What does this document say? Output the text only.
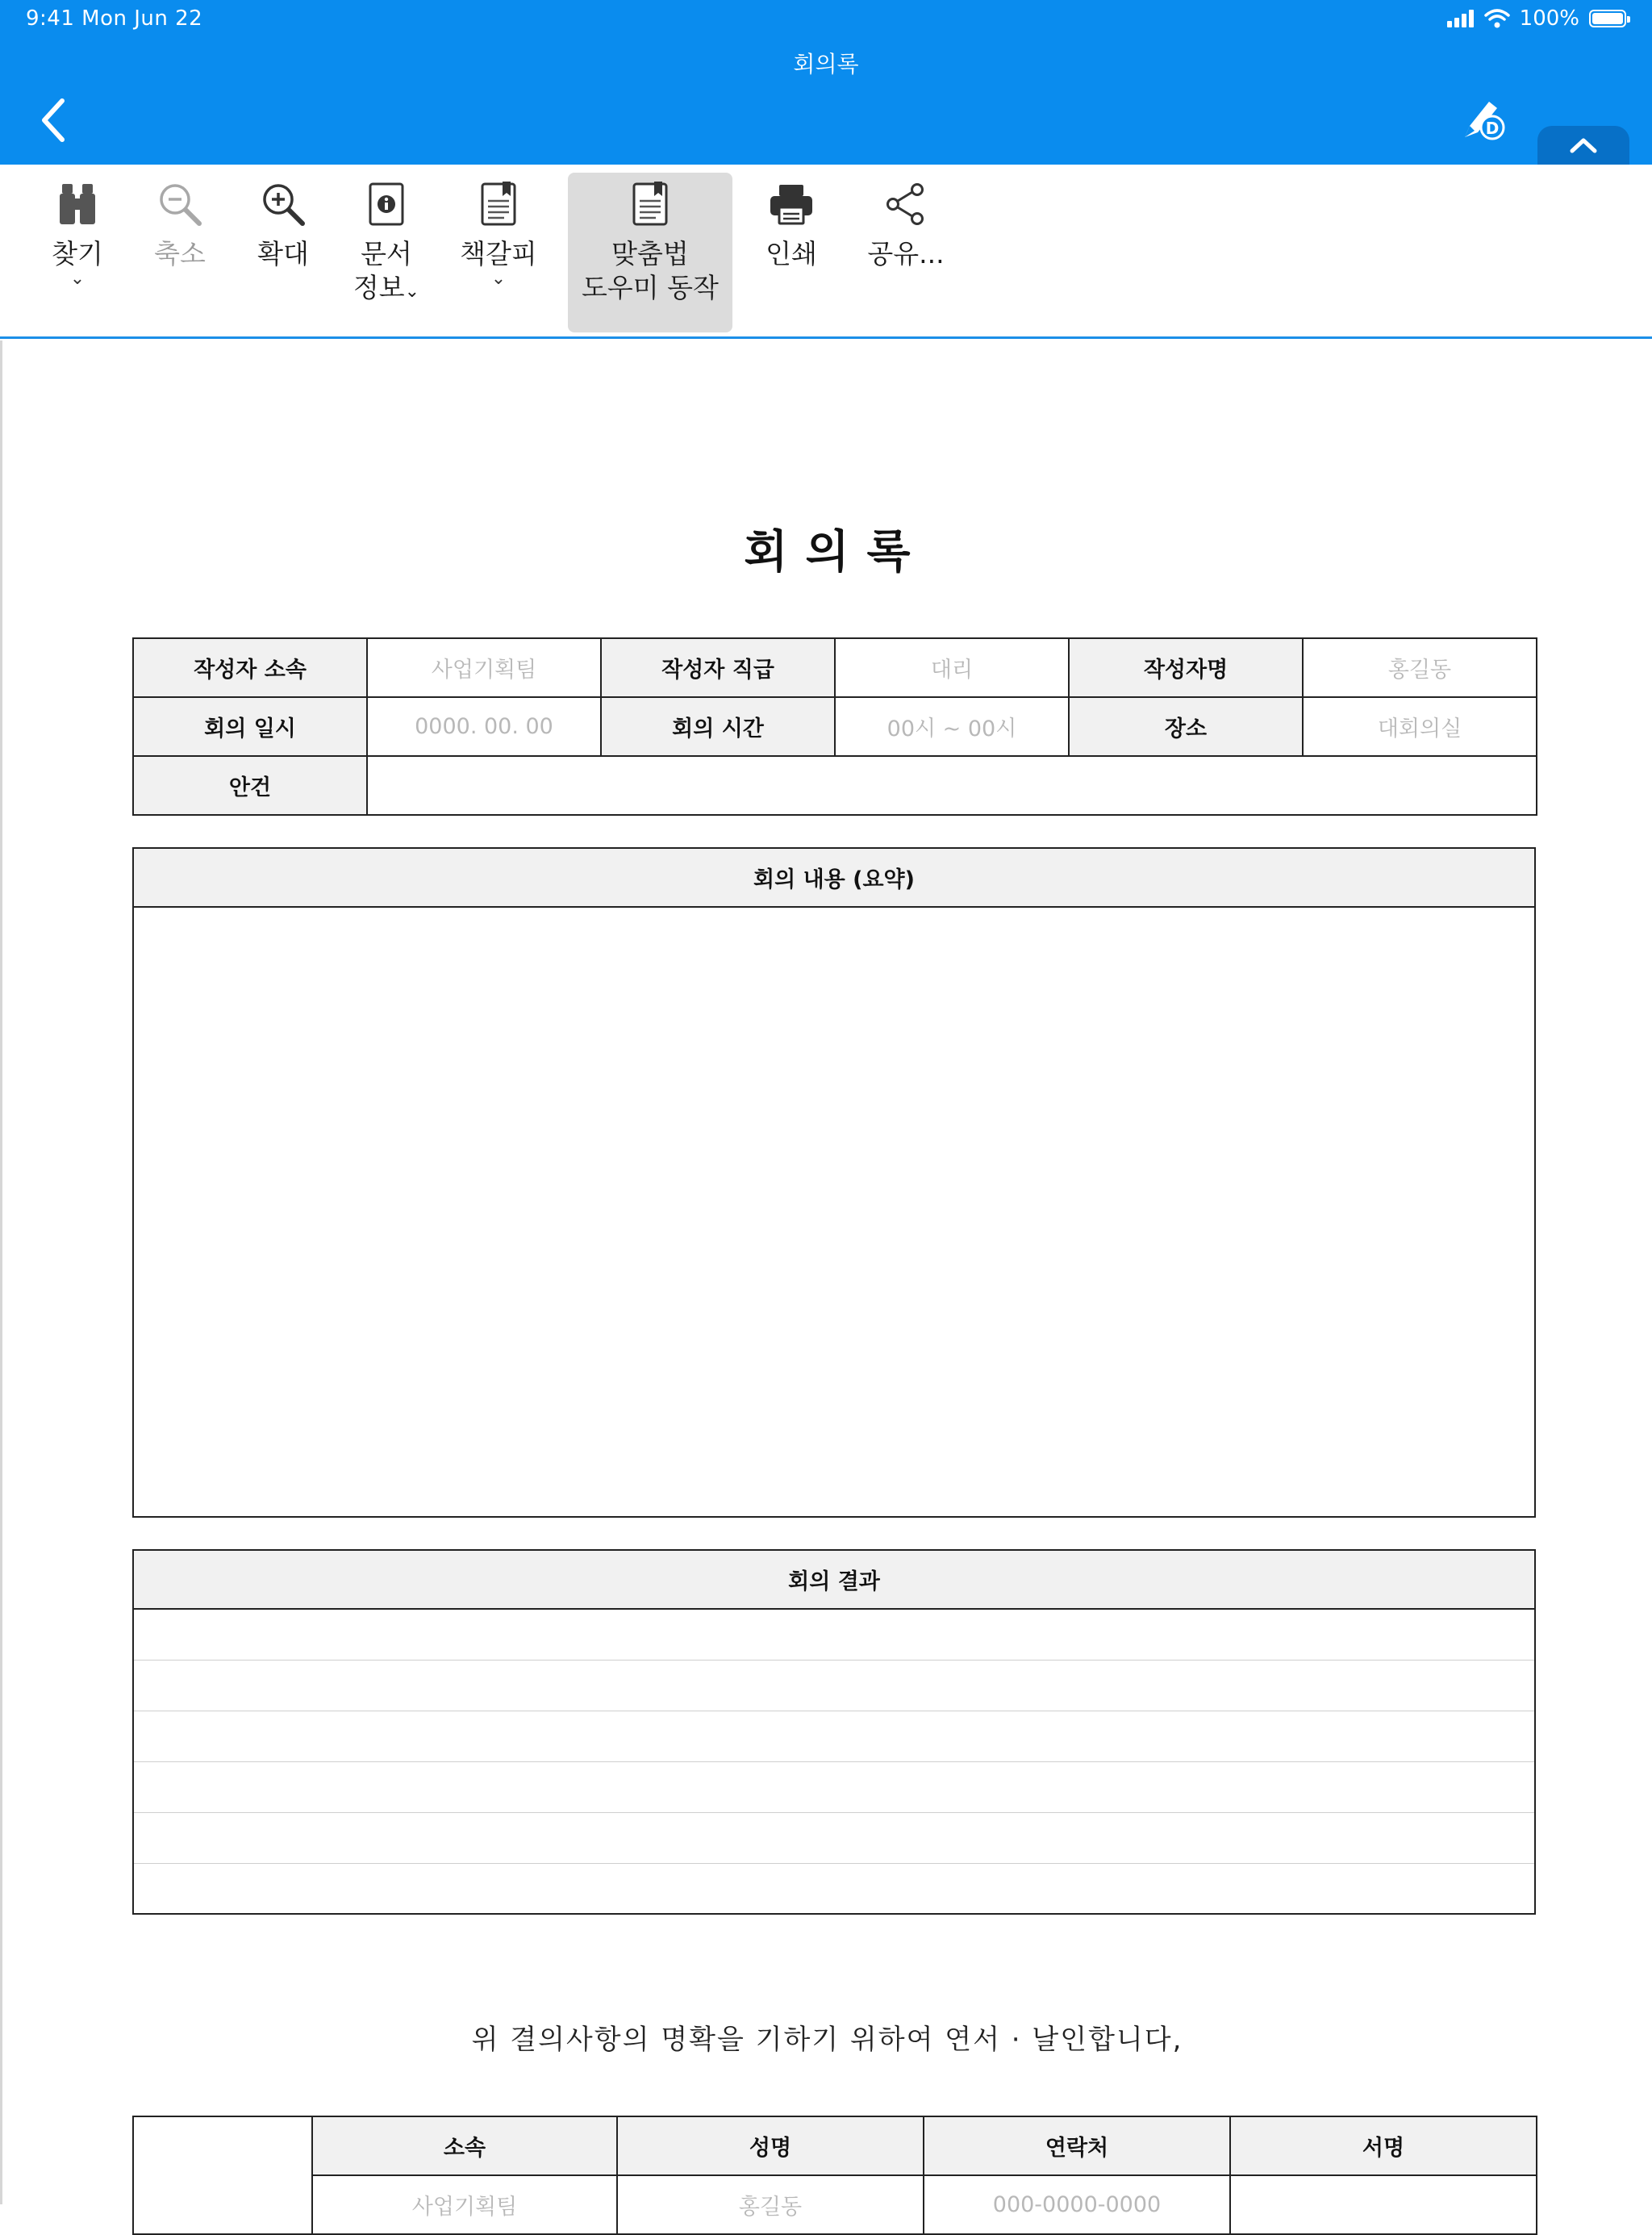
9:41 Mon Jun 22	100%
회의록
D
찾기
⌄
축소 확대 문서
정보⌄
책갈피
⌄
맞춤법
도우미 동작
인쇄 공유...
회의록
작성자 소속	사업기획팀	작성자 직급	대리	작성자명	홍길동
회의 일시	0000. 00. 00	회의 시간	00시 ~ 00시	장소	대회의실
안건					
회의 내용 (요약)

회의 결과

위 결의사항의 명확을 기하기 위하여 연서 · 날인합니다,
	소속	성명	연락처	서명
	사업기획팀	홍길동	000-0000-0000	
